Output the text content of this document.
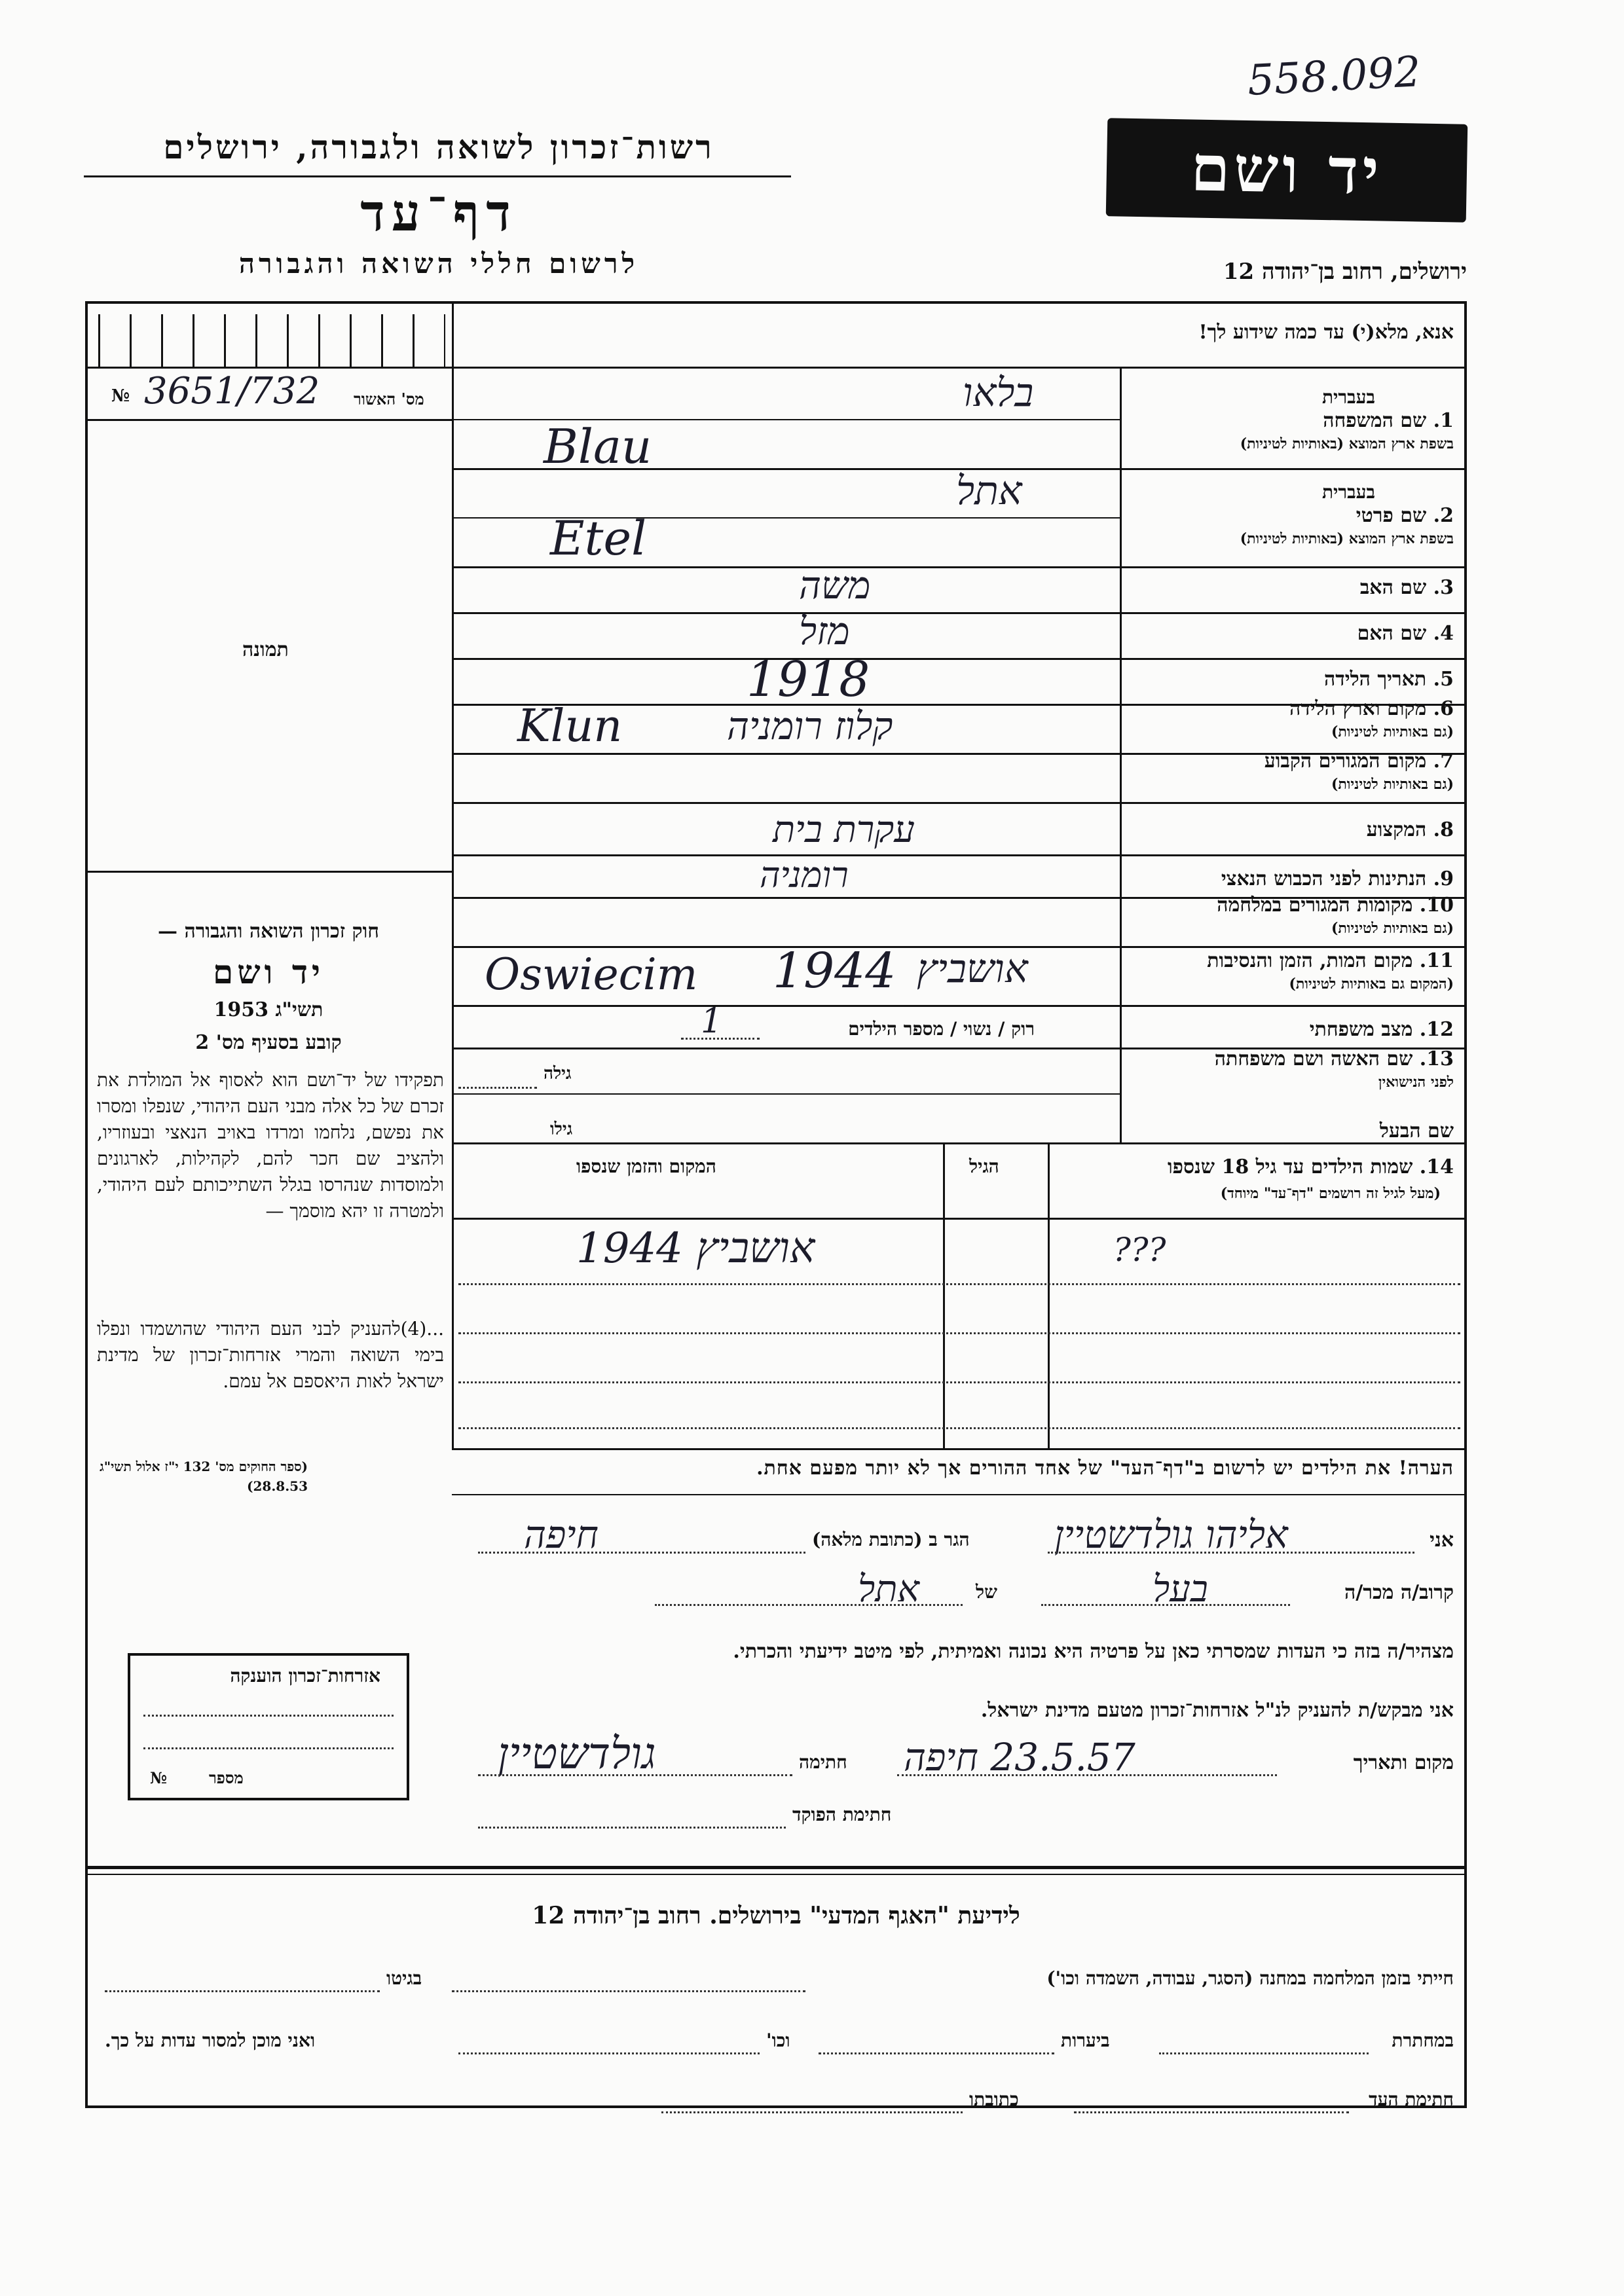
558.092
רשות־זכרון לשואה ולגבורה, ירושלים
דף־עד
לרשום חללי השואה והגבורה
יד ושם
ירושלים, רחוב בן־יהודה 12
אנא, מלא(י) עד כמה שידוע לך!
№ 3651/732 מס' האשור
תמונה
בעברית
1. שם המשפחה
בשפת ארץ המוצא (באותיות לטיניות)
בעברית
2. שם פרטי
בשפת ארץ המוצא (באותיות לטיניות)
3. שם האב
4. שם האם
5. תאריך הלידה
6. מקום וארץ הלידה
(גם באותיות לטיניות)
7. מקום המגורים הקבוע
(גם באותיות לטיניות)
8. המקצוע
9. הנתינות לפני הכבוש הנאצי
10. מקומות המגורים במלחמה
(גם באותיות לטיניות)
11. מקום המות, הזמן והנסיבות
(המקום גם באותיות לטיניות)
12. מצב משפחתי
13. שם האשה ושם משפחתה
לפני הנישואין
שם הבעל
רוק / נשוי / מספר הילדים
גילה
גילו
בלאו
Blau
אתל
Etel
משה
מזל
1918
Klun	קלוז רומניה
עקרת בית
רומניה
Oswiecim 1944 אושביץ
1
14. שמות הילדים עד גיל 18 שנספו
(מעל לגיל זה רושמים "דף־עד" מיוחד)
הגיל
המקום והזמן שנספו
???
אושביץ 1944
חוק זכרון השואה והגבורה —
יד ושם
תשי"ג 1953
קובע בסעיף מס' 2
תפקידו של יד־ושם הוא לאסוף אל המולדת את זכרם של כל אלה מבני העם היהודי, שנפלו ומסרו את נפשם, נלחמו ומרדו באויב הנאצי ובעוזריו, ולהציב שם חכר להם, לקהילות, לארגונים ולמוסדות שנהרסו בגלל השתייכותם לעם היהודי, ולמטרה זו יהא מוסמך —
...(4)להעניק לבני העם היהודי שהושמדו ונפלו בימי השואה והמרי אזרחות־זכרון של מדינת ישראל לאות היאספם אל עמם.
(ספר החוקים מס' 132 י"ז אלול תשי"ג 28.8.53)
הערה! את הילדים יש לרשום ב"דף־העד" של אחד ההורים אך לא יותר מפעם אחת.
אני
אליהו גולדשטיין
הגר ב (כתובת מלאה)
חיפה
קרוב/ה מכר/ה
בעל
של
אתל
מצהיר/ה בזה כי העדות שמסרתי כאן על פרטיה היא נכונה ואמיתית, לפי מיטב ידיעתי והכרתי.
אני מבקש/ת להעניק לנ"ל אזרחות־זכרון מטעם מדינת ישראל.
מקום ותאריך
23.5.57 חיפה
חתימה
גולדשטיין
חתימת הפוקד
אזרחות־זכרון הוענקה
מספר
№
לידיעת "האגף המדעי" בירושלים. רחוב בן־יהודה 12
חייתי בזמן המלחמה במחנה (הסגר, עבודה, השמדה וכו')
בגיטו
במחתרת
ביערות
וכו'
ואני מוכן למסור עדות על כך.
חתימת העד
כתובתו
